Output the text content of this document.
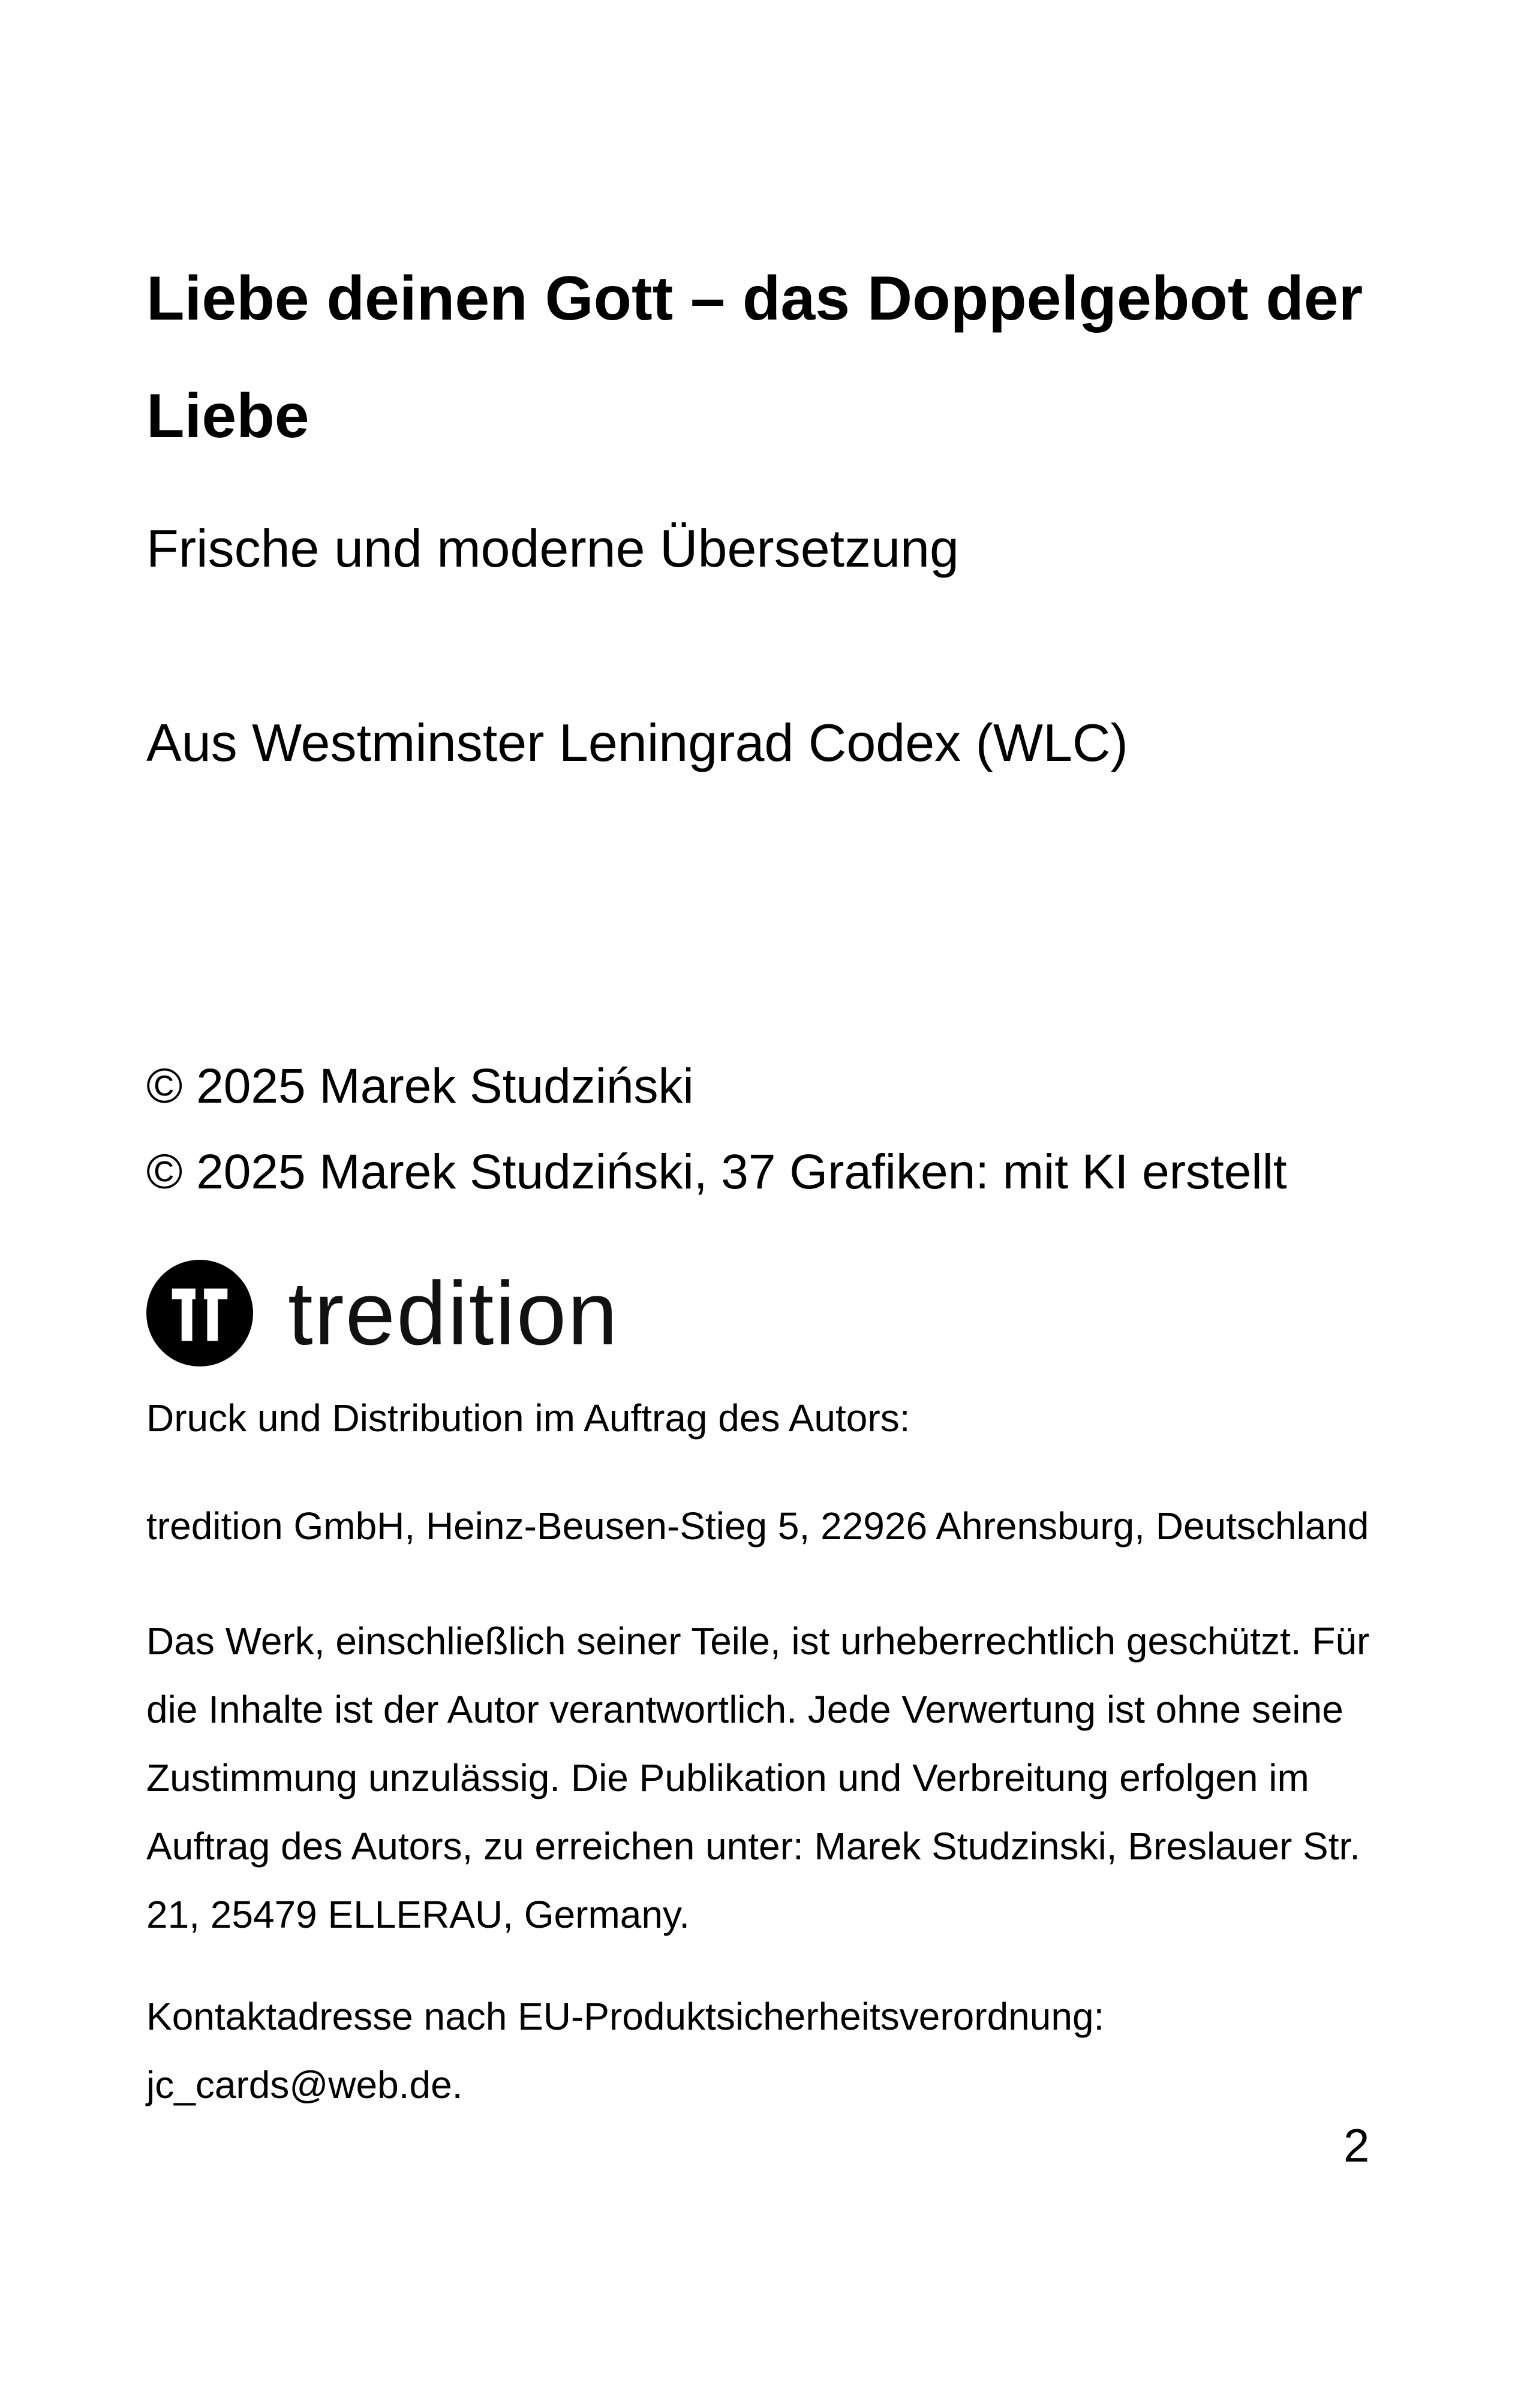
Liebe deinen Gott – das Doppelgebot der Liebe
Frische und moderne Übersetzung
Aus Westminster Leningrad Codex (WLC)
© 2025 Marek Studziński
© 2025 Marek Studziński, 37 Grafiken: mit KI erstellt
tredition
Druck und Distribution im Auftrag des Autors:
tredition GmbH, Heinz-Beusen-Stieg 5, 22926 Ahrensburg, Deutschland
Das Werk, einschließlich seiner Teile, ist urheberrechtlich geschützt. Für die Inhalte ist der Autor verantwortlich. Jede Verwertung ist ohne seine Zustimmung unzulässig. Die Publikation und Verbreitung erfolgen im Auftrag des Autors, zu erreichen unter: Marek Studzinski, Breslauer Str. 21, 25479 ELLERAU, Germany.
Kontaktadresse nach EU-Produktsicherheitsverordnung:
jc_cards@web.de.
2
